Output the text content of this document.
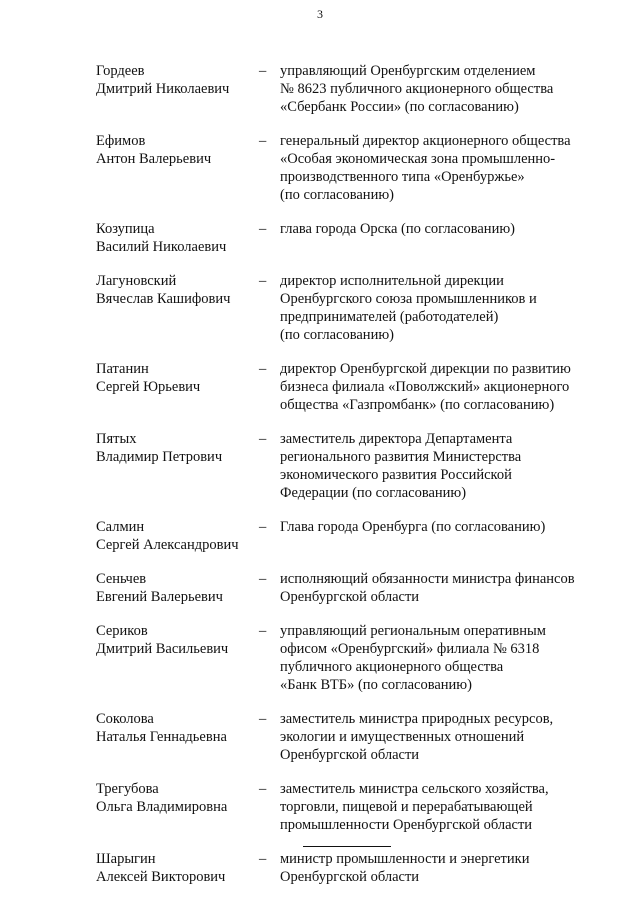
3
Гордеев
Дмитрий Николаевич
– управляющий Оренбургским отделением
№ 8623 публичного акционерного общества
«Сбербанк России» (по согласованию)
Ефимов
Антон Валерьевич
– генеральный директор акционерного общества
«Особая экономическая зона промышленно-
производственного типа «Оренбуржье»
(по согласованию)
Козупица
Василий Николаевич
– глава города Орска (по согласованию)
Лагуновский
Вячеслав Кашифович
– директор исполнительной дирекции
Оренбургского союза промышленников и
предпринимателей (работодателей)
(по согласованию)
Патанин
Сергей Юрьевич
– директор Оренбургской дирекции по развитию
бизнеса филиала «Поволжский» акционерного
общества «Газпромбанк» (по согласованию)
Пятых
Владимир Петрович
– заместитель директора Департамента
регионального развития Министерства
экономического развития Российской
Федерации (по согласованию)
Салмин
Сергей Александрович
– Глава города Оренбурга (по согласованию)
Сеньчев
Евгений Валерьевич
– исполняющий обязанности министра финансов
Оренбургской области
Сериков
Дмитрий Васильевич
– управляющий региональным оперативным
офисом «Оренбургский» филиала № 6318
публичного акционерного общества
«Банк ВТБ» (по согласованию)
Соколова
Наталья Геннадьевна
– заместитель министра природных ресурсов,
экологии и имущественных отношений
Оренбургской области
Трегубова
Ольга Владимировна
– заместитель министра сельского хозяйства,
торговли, пищевой и перерабатывающей
промышленности Оренбургской области
Шарыгин
Алексей Викторович
– министр промышленности и энергетики
Оренбургской области
